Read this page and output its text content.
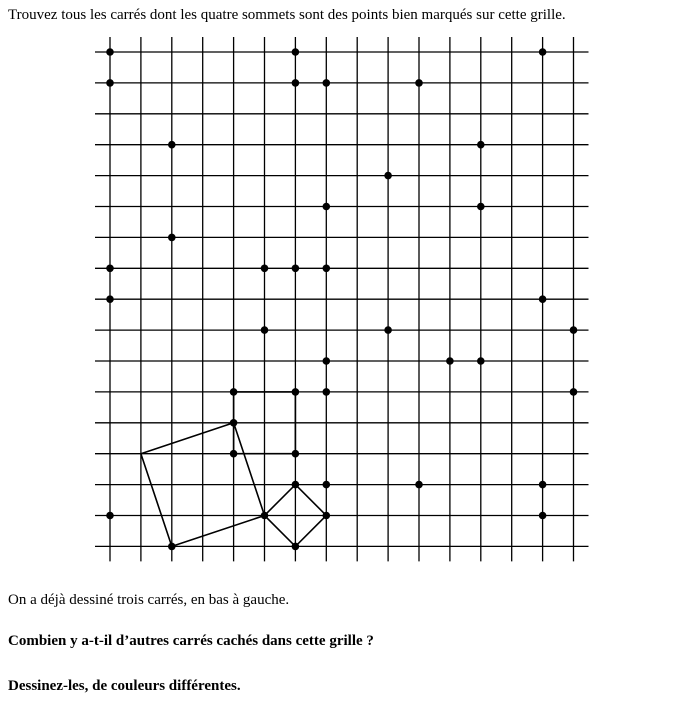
Trouvez tous les carrés dont les quatre sommets sont des points bien marqués sur cette grille.

On a déjà dessiné trois carrés, en bas à gauche.

Combien y a-t-il d’autres carrés cachés dans cette grille ?

Dessinez-les, de couleurs différentes.
